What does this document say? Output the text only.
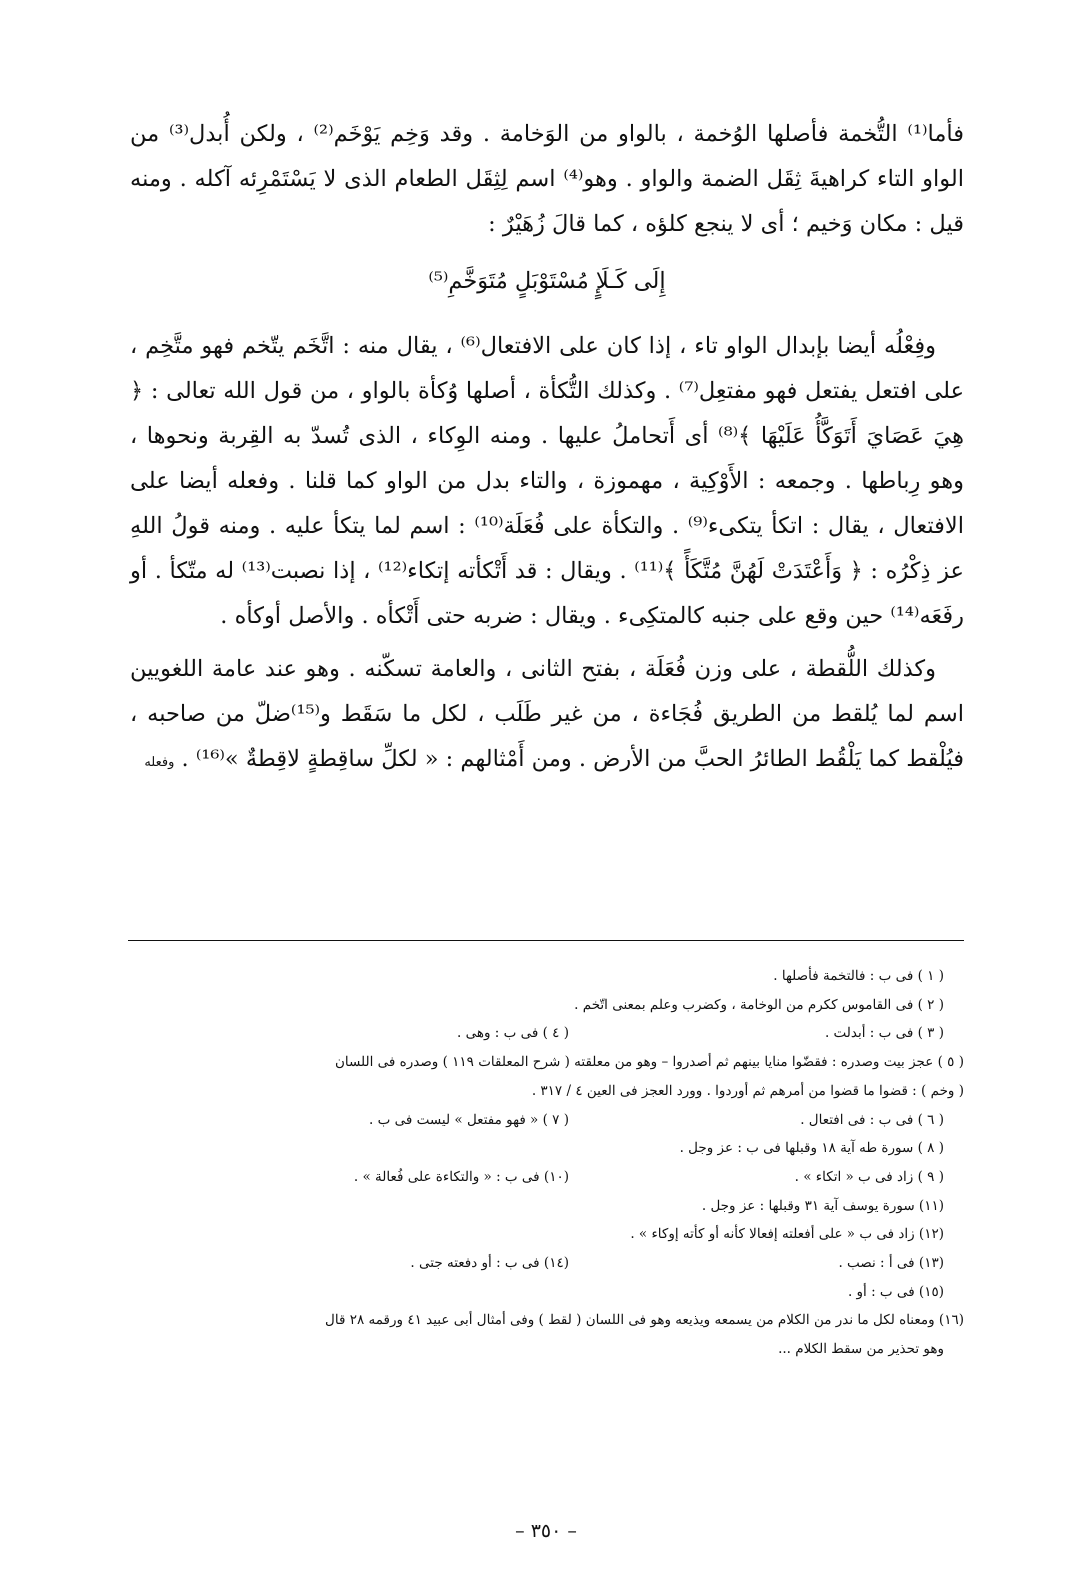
فأما⁽¹⁾ التُّخمة فأصلها الوُخمة ، بالواو من الوَخامة . وقد وَخِم يَوْخَم⁽²⁾ ، ولكن أُبدل⁽³⁾ من الواو التاء كراهيةَ ثِقَل الضمة والواو . وهو⁽⁴⁾ اسم لِثِقَل الطعام الذى لا يَسْتَمْرِئه آكله . ومنه قيل : مكان وَخيم ؛ أى لا ينجع كلؤه ، كما قالَ زُهَيْرٌ :

إِلَى كَـلَإٍ مُسْتَوْبَلٍ مُتَوَخَّمِ⁽⁵⁾

وفِعْلُه أيضا بإبدال الواو تاء ، إذا كان على الافتعال⁽⁶⁾ ، يقال منه : اتَّخَم يتّخم فهو متَّخِم ، على افتعل يفتعل فهو مفتعِل⁽⁷⁾ . وكذلك التُّكأة ، أصلها وُكأة بالواو ، من قول الله تعالى : ﴿ هِيَ عَصَايَ أَتَوَكَّأُ عَلَيْهَا ﴾⁽⁸⁾ أى أَتحاملُ عليها . ومنه الوِكاء ، الذى تُسدّ به القِربة ونحوها ، وهو رِباطها . وجمعه : الأَوْكِية ، مهموزة ، والتاء بدل من الواو كما قلنا . وفعله أيضا على الافتعال ، يقال : اتكأ يتكىء⁽⁹⁾ . والتكأة على فُعَلَة⁽¹⁰⁾ : اسم لما يتكأ عليه . ومنه قولُ اللهِ عز ذِكْرُه : ﴿ وَأَعْتَدَتْ لَهُنَّ مُتَّكَأً ﴾⁽¹¹⁾ . ويقال : قد أَتْكأته إتكاء⁽¹²⁾ ، إذا نصبت⁽¹³⁾ له متّكأ . أو رفَعَه⁽¹⁴⁾ حين وقع على جنبه كالمتكِىء . ويقال : ضربه حتى أَتْكأه . والأصل أوكأه .

وكذلك اللُّقطة ، على وزن فُعَلَة ، بفتح الثانى ، والعامة تسكّنه . وهو عند عامة اللغويين اسم لما يُلقط من الطريق فُجَاءة ، من غير طَلَب ، لكل ما سَقَط و⁽¹⁵⁾ضلّ من صاحبه ، فيُلْقط كما يَلْقُط الطائرُ الحبَّ من الأرض . ومن أَمْثالهم : « لكلِّ ساقِطةٍ لاقِطةٌ »⁽¹⁶⁾ . وفعله

( ١ ) فى ب : فالتخمة فأصلها .
( ٢ ) فى القاموس ككرم من الوخامة ، وكضرب وعلم بمعنى اتّخم .
( ٣ ) فى ب : أبدلت .
( ٤ ) فى ب : وهى .
( ٥ ) عجز بيت وصدره : فقضّوا منايا بينهم ثم أصدروا – وهو من معلقته ( شرح المعلقات ١١٩ ) وصدره فى اللسان
( وخم ) : قضوا ما قضوا من أمرهم ثم أوردوا . وورد العجز فى العين ٤ / ٣١٧ .
( ٦ ) فى ب : فى افتعال .
( ٧ ) « فهو مفتعل » ليست فى ب .
( ٨ ) سورة طه آية ١٨ وقبلها فى ب : عز وجل .
( ٩ ) زاد فى ب « اتكاء » .
(١٠) فى ب : « والتكاءة على فُعالة » .
(١١) سورة يوسف آية ٣١ وقبلها : عز وجل .
(١٢) زاد فى ب « على أفعلته إفعالا كأنه أو كأته إوكاء » .
(١٣) فى أ : نصب .
(١٤) فى ب : أو دفعته جتى .
(١٥) فى ب : أو .
(١٦) ومعناه لكل ما ندر من الكلام من يسمعه ويذيعه وهو فى اللسان ( لقط ) وفى أمثال أبى عبيد ٤١ ورقمه ٢٨ قال
وهو تحذير من سقط الكلام ...
– ٣٥٠ –
